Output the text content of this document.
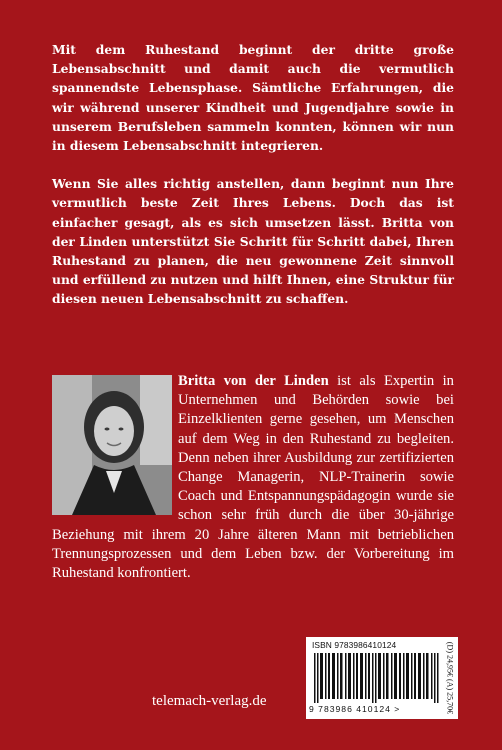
Mit dem Ruhestand beginnt der dritte große Lebensabschnitt und damit auch die vermutlich spannendste Lebensphase. Sämtliche Erfahrungen, die wir während unserer Kindheit und Jugendjahre sowie in unserem Berufsleben sammeln konnten, können wir nun in diesem Lebensabschnitt integrieren.

Wenn Sie alles richtig anstellen, dann beginnt nun Ihre vermutlich beste Zeit Ihres Lebens. Doch das ist einfacher gesagt, als es sich umsetzen lässt. Britta von der Linden unterstützt Sie Schritt für Schritt dabei, Ihren Ruhestand zu planen, die neu gewonnene Zeit sinnvoll und erfüllend zu nutzen und hilft Ihnen, eine Struktur für diesen neuen Lebensabschnitt zu schaffen.

Britta von der Linden ist als Expertin in Unternehmen und Behörden sowie bei Einzelklienten gerne gesehen, um Menschen auf dem Weg in den Ruhestand zu begleiten. Denn neben ihrer Ausbildung zur zertifizierten Change Managerin, NLP-Trainerin sowie Coach und Entspannungspädagogin wurde sie schon sehr früh durch die über 30-jährige Beziehung mit ihrem 20 Jahre älteren Mann mit betrieblichen Trennungsprozessen und dem Leben bzw. der Vorbereitung im Ruhestand konfrontiert.

telemach-verlag.de
ISBN 9783986410124
9 783986 410124 >
(D) 24,95€ (A) 25,70€
